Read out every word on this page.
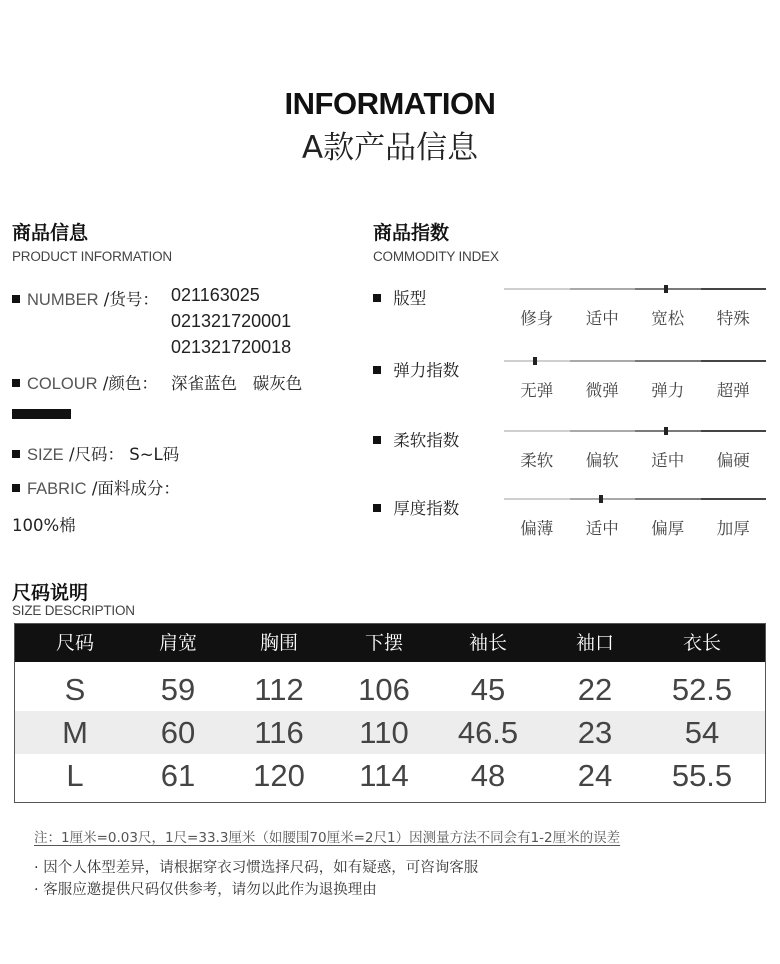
INFORMATION
A款产品信息
商品信息
PRODUCT INFORMATION
NUMBER /货号： 021163025
021321720001
021321720018
COLOUR /颜色： 深雀蓝色   碳灰色
SIZE /尺码： S~L码
FABRIC /面料成分：
100%棉
商品指数
COMMODITY INDEX
版型
修身	适中	宽松	特殊
弹力指数
无弹	微弹	弹力	超弹
柔软指数
柔软	偏软	适中	偏硬
厚度指数
偏薄	适中	偏厚	加厚
尺码说明
SIZE DESCRIPTION
尺码	肩宽	胸围	下摆	袖长	袖口	衣长
S	59	112	106	45	22	52.5
M	60	116	110	46.5	23	54
L	61	120	114	48	24	55.5
注：1厘米=0.03尺，1尺=33.3厘米（如腰围70厘米=2尺1）因测量方法不同会有1-2厘米的误差
· 因个人体型差异，请根据穿衣习惯选择尺码，如有疑惑，可咨询客服
· 客服应邀提供尺码仅供参考，请勿以此作为退换理由
